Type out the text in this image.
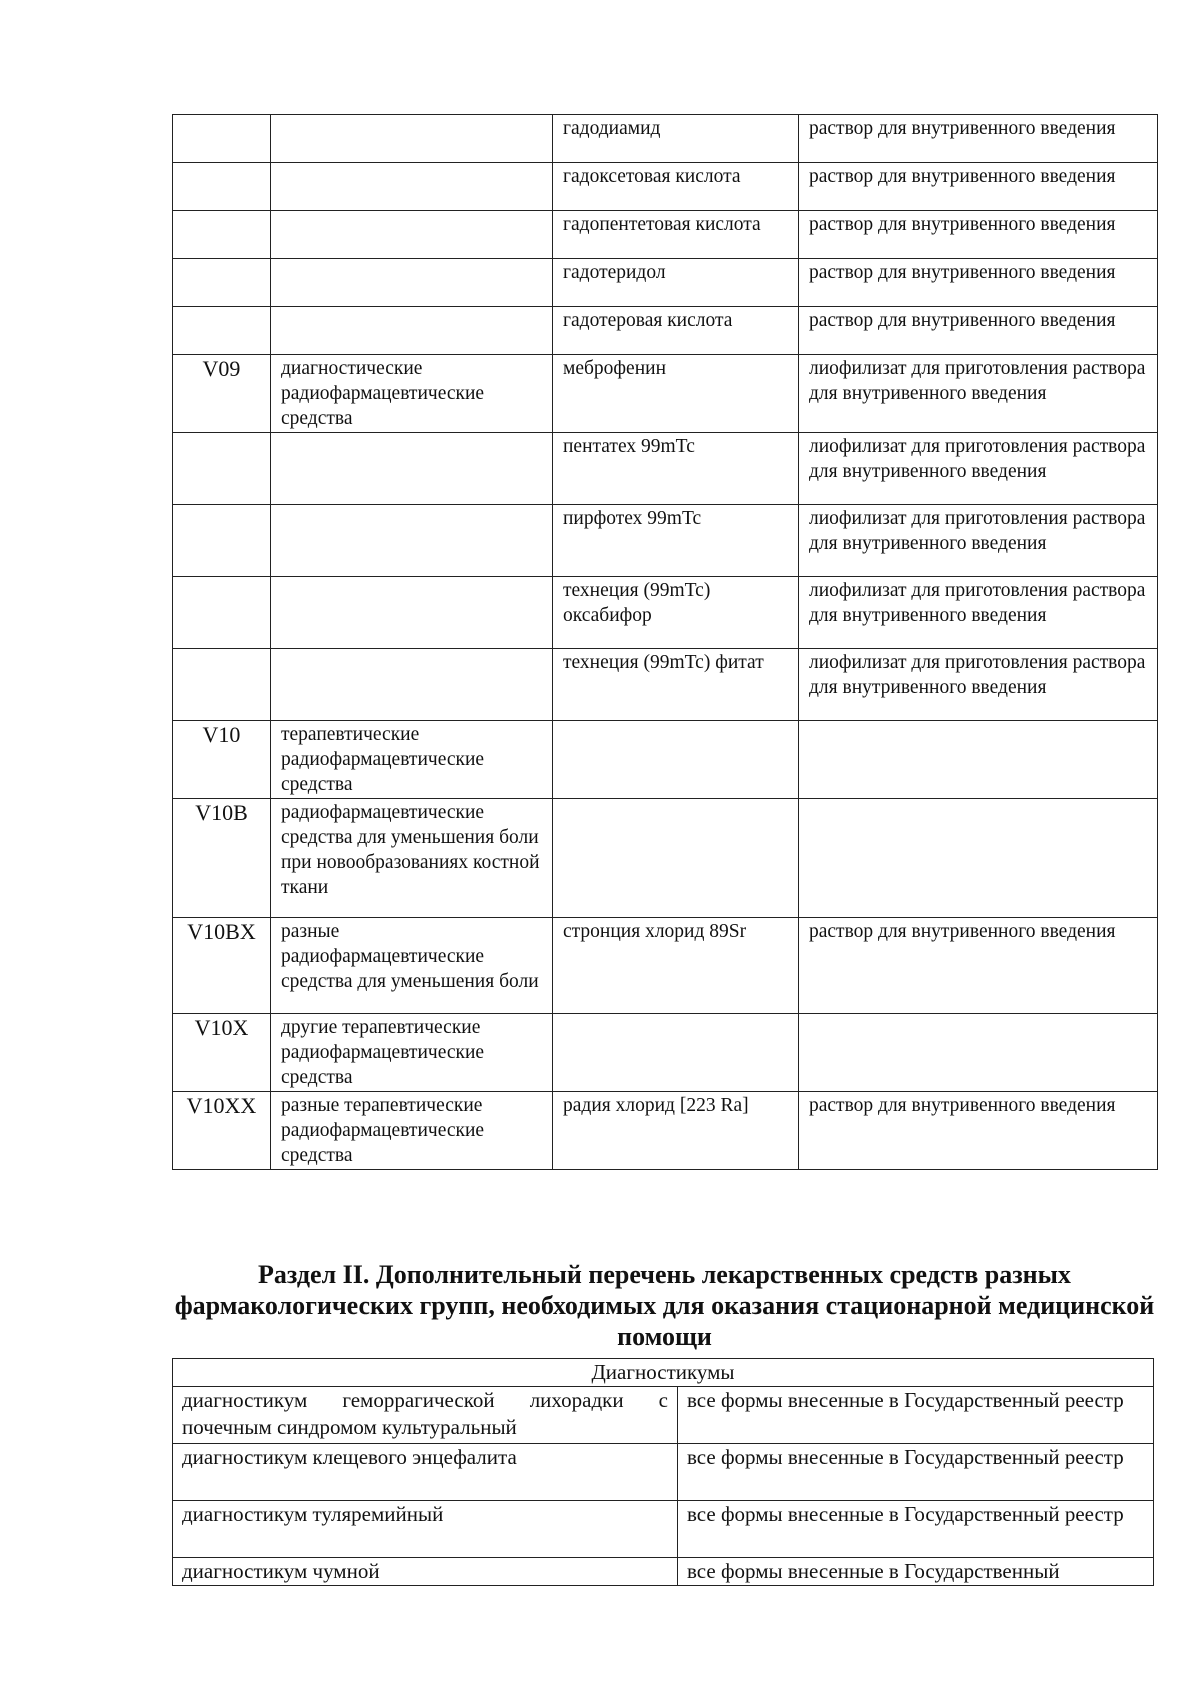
		гадодиамид	раствор для внутривенного введения
		гадоксетовая кислота	раствор для внутривенного введения
		гадопентетовая кислота	раствор для внутривенного введения
		гадотеридол	раствор для внутривенного введения
		гадотеровая кислота	раствор для внутривенного введения
V09	диагностические радиофармацевтические средства	меброфенин	лиофилизат для приготовления раствора для внутривенного введения
		пентатех 99mTc	лиофилизат для приготовления раствора для внутривенного введения
		пирфотех 99mTc	лиофилизат для приготовления раствора для внутривенного введения
		технеция (99mTc) оксабифор	лиофилизат для приготовления раствора для внутривенного введения
		технеция (99mTc) фитат	лиофилизат для приготовления раствора для внутривенного введения
V10	терапевтические радиофармацевтические средства		
V10B	радиофармацевтические средства для уменьшения боли при новообразованиях костной ткани		
V10BX	разные радиофармацевтические средства для уменьшения боли	стронция хлорид 89Sr	раствор для внутривенного введения
V10X	другие терапевтические радиофармацевтические средства		
V10XX	разные терапевтические радиофармацевтические средства	радия хлорид [223 Ra]	раствор для внутривенного введения
Раздел II. Дополнительный перечень лекарственных средств разных фармакологических групп, необходимых для оказания стационарной медицинской помощи
Диагностикумы	
диагностикум геморрагической лихорадки с почечным синдромом культуральный	все формы внесенные в Государственный реестр
диагностикум клещевого энцефалита	все формы внесенные в Государственный реестр
диагностикум туляремийный	все формы внесенные в Государственный реестр
диагностикум чумной	все формы внесенные в Государственный
